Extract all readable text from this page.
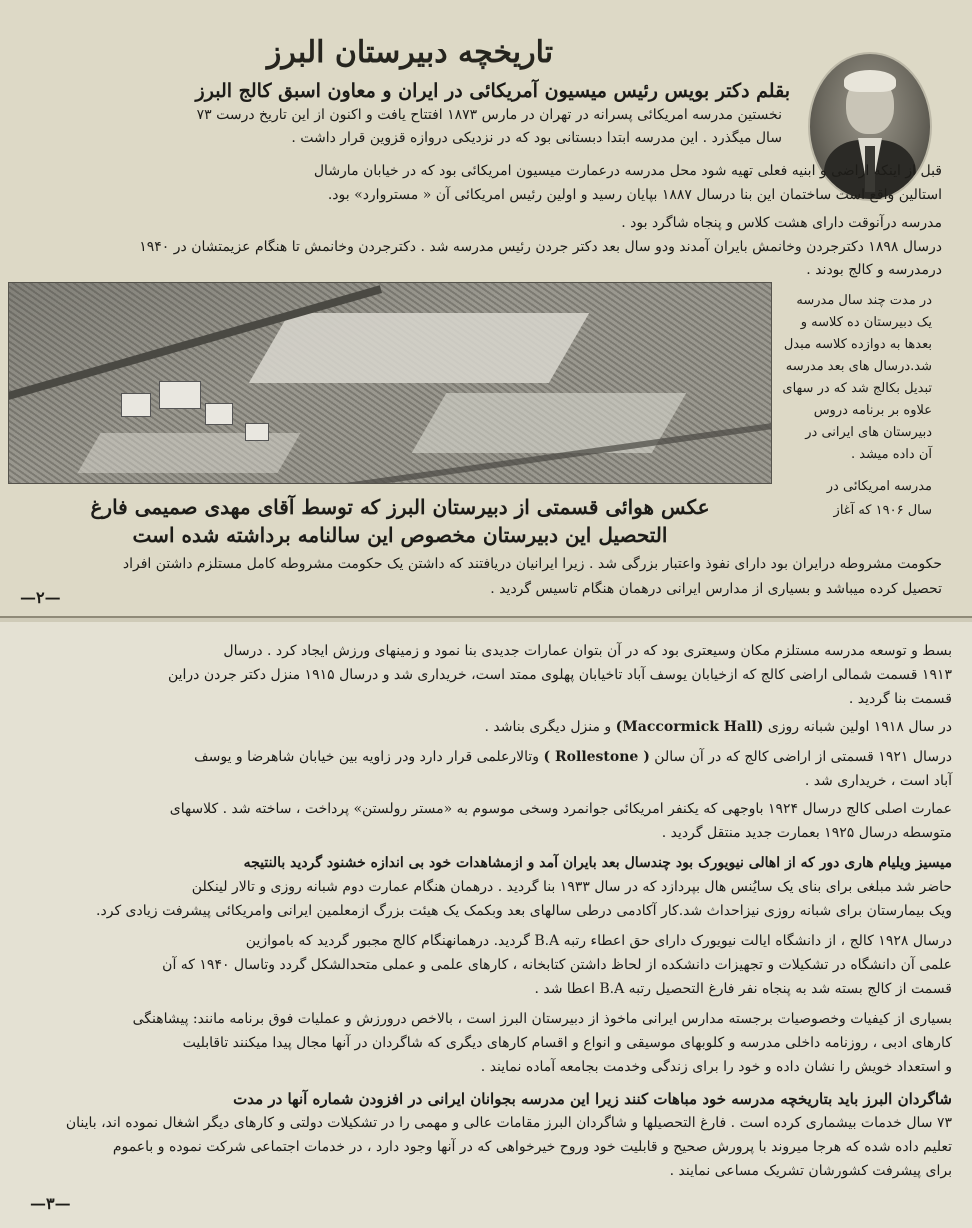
تاریخچه دبیرستان البرز
بقلم دکتر بویس رئیس میسیون آمریکائی در ایران و معاون اسبق کالج البرز
نخستین مدرسه امریکائی پسرانه در تهران در مارس ۱۸۷۳ افتتاح یافت و اکنون از این تاریخ درست ۷۳
سال میگذرد . این مدرسه ابتدا دبستانی بود که در نزدیکی دروازه قزوین قرار داشت .
قبل از اینکه اراضی و ابنیه فعلی تهیه شود محل مدرسه درعمارت میسیون امریکائی بود که در خیابان مارشال
استالین واقع است ساختمان این بنا درسال ۱۸۸۷ بپایان رسید و اولین رئیس امریکائی آن « مستروارد» بود.
مدرسه درآنوقت دارای هشت کلاس و پنجاه شاگرد بود .
درسال ۱۸۹۸ دکترجردن وخانمش بایران آمدند ودو سال بعد دکتر جردن رئیس مدرسه شد . دکترجردن وخانمش تا هنگام عزیمتشان در ۱۹۴۰
درمدرسه و کالج بودند .
در مدت چند سال مدرسه
یک دبیرستان ده کلاسه و
بعدها به دوازده کلاسه مبدل
شد.درسال های بعد مدرسه
تبدیل بکالج شد که در سهای
علاوه بر برنامه دروس
دبیرستان های ایرانی در
آن داده میشد .
مدرسه امریکائی در
سال ۱۹۰۶ که آغاز
عکس هوائی قسمتی از دبیرستان البرز که توسط آقای مهدی صمیمی فارغ
التحصیل این دبیرستان مخصوص این سالنامه برداشته شده است
حکومت مشروطه درایران بود دارای نفوذ واعتبار بزرگی شد . زیرا ایرانیان دریافتند که داشتن یک حکومت مشروطه کامل مستلزم داشتن افراد
تحصیل کرده میباشد و بسیاری از مدارس ایرانی درهمان هنگام تاسیس گردید .
—۲—
بسط و توسعه مدرسه مستلزم مکان وسیعتری بود که در آن بتوان عمارات جدیدی بنا نمود و زمینهای ورزش ایجاد کرد . درسال
۱۹۱۳ قسمت شمالی اراضی کالج که ازخیابان یوسف آباد تاخیابان پهلوی ممتد است، خریداری شد و درسال ۱۹۱۵ منزل دکتر جردن دراین
قسمت بنا گردید .
در سال ۱۹۱۸ اولین شبانه روزی (Maccormick Hall) و منزل دیگری بناشد .
درسال ۱۹۲۱ قسمتی از اراضی کالج که در آن سالن ( Rollestone ) وتالارعلمی قرار دارد ودر زاویه بین خیابان شاهرضا و یوسف
آباد است ، خریداری شد .
عمارت اصلی کالج درسال ۱۹۲۴ باوجهی که یکنفر امریکائی جوانمرد وسخی موسوم به «مستر رولستن» پرداخت ، ساخته شد . کلاسهای
متوسطه درسال ۱۹۲۵ بعمارت جدید منتقل گردید .
میسیز ویلیام هاری دور که از اهالی نیویورک بود چندسال بعد بایران آمد و ازمشاهدات خود بی اندازه خشنود گردید بالنتیجه
حاضر شد مبلغی برای بنای یک سایُنس هال بپردازد که در سال ۱۹۳۳ بنا گردید . درهمان هنگام عمارت دوم شبانه روزی و تالار لینکلن
ویک بیمارستان برای شبانه روزی نیزاحداث شد.کار آکادمی درطی سالهای بعد وبکمک یک هیئت بزرگ ازمعلمین ایرانی وامریکائی پیشرفت زیادی کرد.
درسال ۱۹۲۸ کالج ، از دانشگاه ایالت نیویورک دارای حق اعطاء رتبه B.A گردید. درهمانهنگام کالج مجبور گردید که باموازین
علمی آن دانشگاه در تشکیلات و تجهیزات دانشکده از لحاظ داشتن کتابخانه ، کارهای علمی و عملی متحدالشکل گردد وتاسال ۱۹۴۰ که آن
قسمت از کالج بسته شد به پنجاه نفر فارغ التحصیل رتبه B.A اعطا شد .
بسیاری از کیفیات وخصوصیات برجسته مدارس ایرانی ماخوذ از دبیرستان البرز است ، بالاخص درورزش و عملیات فوق برنامه مانند: پیشاهنگی
کارهای ادبی ، روزنامه داخلی مدرسه و کلوبهای موسیقی و انواع و اقسام کارهای دیگری که شاگردان در آنها مجال پیدا میکنند تاقابلیت
و استعداد خویش را نشان داده و خود را برای زندگی وخدمت بجامعه آماده نمایند .
شاگردان البرز باید بتاریخچه مدرسه خود مباهات کنند زیرا این مدرسه بجوانان ایرانی در افزودن شماره آنها در مدت
۷۳ سال خدمات بیشماری کرده است . فارغ التحصیلها و شاگردان البرز مقامات عالی و مهمی را در تشکیلات دولتی و کارهای دیگر اشغال نموده اند، باینان
تعلیم داده شده که هرجا میروند با پرورش صحیح و قابلیت خود وروح خیرخواهی که در آنها وجود دارد ، در خدمات اجتماعی شرکت نموده و باعموم
برای پیشرفت کشورشان تشریک مساعی نمایند .
—۳—
